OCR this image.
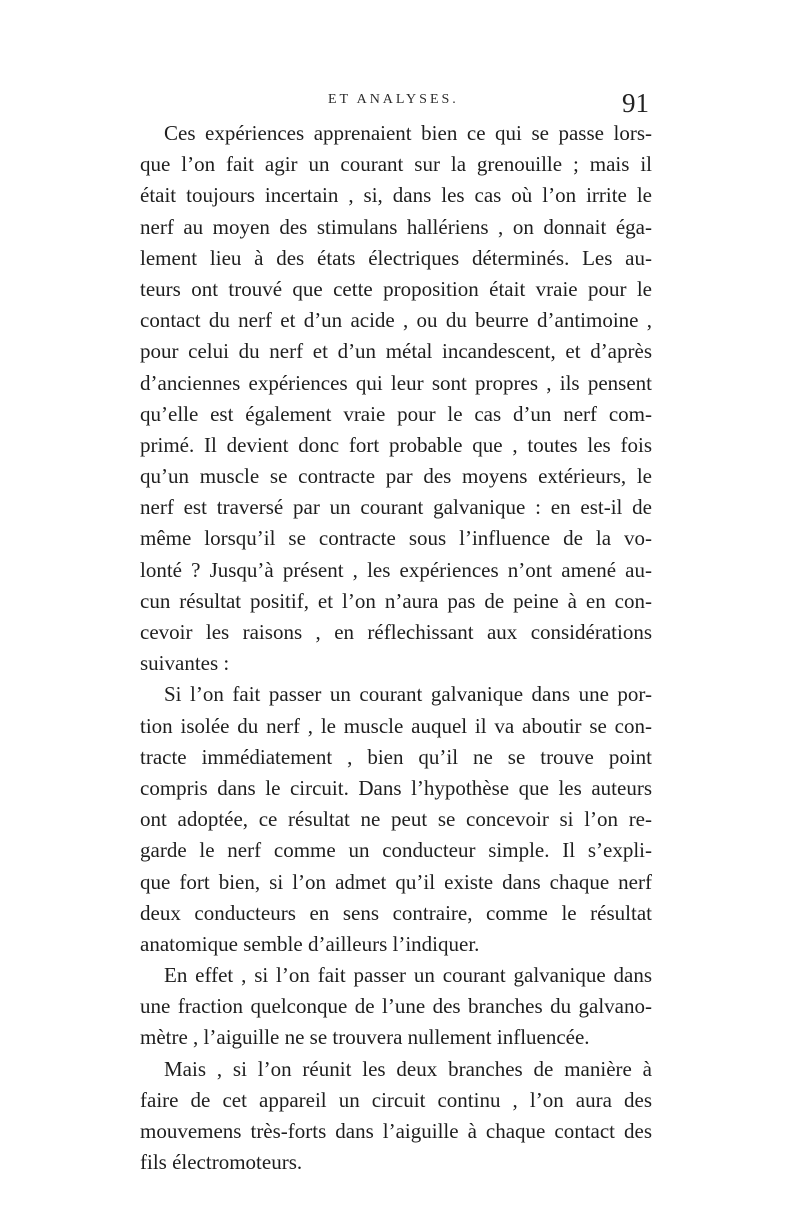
ET ANALYSES.	91
Ces expériences apprenaient bien ce qui se passe lors-
que l’on fait agir un courant sur la grenouille ; mais il
était toujours incertain , si, dans les cas où l’on irrite le
nerf au moyen des stimulans hallériens , on donnait éga-
lement lieu à des états électriques déterminés. Les au-
teurs ont trouvé que cette proposition était vraie pour le
contact du nerf et d’un acide , ou du beurre d’antimoine ,
pour celui du nerf et d’un métal incandescent, et d’après
d’anciennes expériences qui leur sont propres , ils pensent
qu’elle est également vraie pour le cas d’un nerf com-
primé. Il devient donc fort probable que , toutes les fois
qu’un muscle se contracte par des moyens extérieurs, le
nerf est traversé par un courant galvanique : en est-il de
même lorsqu’il se contracte sous l’influence de la vo-
lonté ? Jusqu’à présent , les expériences n’ont amené au-
cun résultat positif, et l’on n’aura pas de peine à en con-
cevoir les raisons , en réflechissant aux considérations
suivantes :
Si l’on fait passer un courant galvanique dans une por-
tion isolée du nerf , le muscle auquel il va aboutir se con-
tracte immédiatement , bien qu’il ne se trouve point
compris dans le circuit. Dans l’hypothèse que les auteurs
ont adoptée, ce résultat ne peut se concevoir si l’on re-
garde le nerf comme un conducteur simple. Il s’expli-
que fort bien, si l’on admet qu’il existe dans chaque nerf
deux conducteurs en sens contraire, comme le résultat
anatomique semble d’ailleurs l’indiquer.
En effet , si l’on fait passer un courant galvanique dans
une fraction quelconque de l’une des branches du galvano-
mètre , l’aiguille ne se trouvera nullement influencée.
Mais , si l’on réunit les deux branches de manière à
faire de cet appareil un circuit continu , l’on aura des
mouvemens très-forts dans l’aiguille à chaque contact des
fils électromoteurs.
